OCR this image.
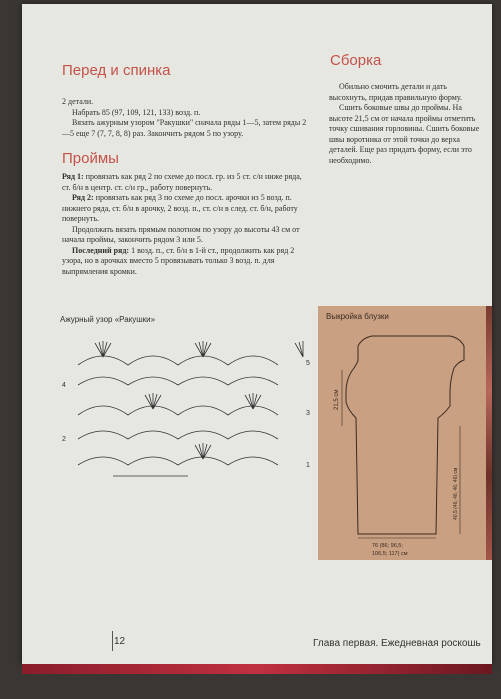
Перед и спинка

2 детали.

Набрать 85 (97, 109, 121, 133) возд. п.

Вязать ажурным узором "Ракушки" сначала ряды 1—5, затем ряды 2—5 еще 7 (7, 7, 8, 8) раз. Закончить рядом 5 по узору.

Проймы

Ряд 1: провязать как ряд 2 по схеме до посл. гр. из 5 ст. с/н ниже ряда, ст. б/н в центр. ст. с/н гр., работу повернуть.

Ряд 2: провязать как ряд 3 по схеме до посл. арочки из 5 возд. п. нижнего ряда, ст. б/н в арочку, 2 возд. п., ст. с/н в след. ст. б/н, работу повернуть.

Продолжать вязать прямым полотном по узору до высоты 43 см от начала проймы, закончить рядом 3 или 5.

Последний ряд: 1 возд. п., ст. б/н в 1-й ст., продолжить как ряд 2 узора, но в арочках вместо 5 провязывать только 3 возд. п. для выпрямления кромки.

Сборка

Обильно смочить детали и дать высохнуть, придав правильную форму.

Сшить боковые швы до проймы. На высоте 21,5 см от начала проймы отметить точку сшивания горловины. Сшить боковые швы воротника от этой точки до верха деталей. Еще раз придать форму, если это необходимо.

Ажурный узор «Ракушки»
5
4
3
2
1
Выкройка блузки
21,5 см
40,5 (46; 46; 46; 46) см
76 (86; 96,5;
106,5; 117) см
12	Глава первая. Ежедневная роскошь
